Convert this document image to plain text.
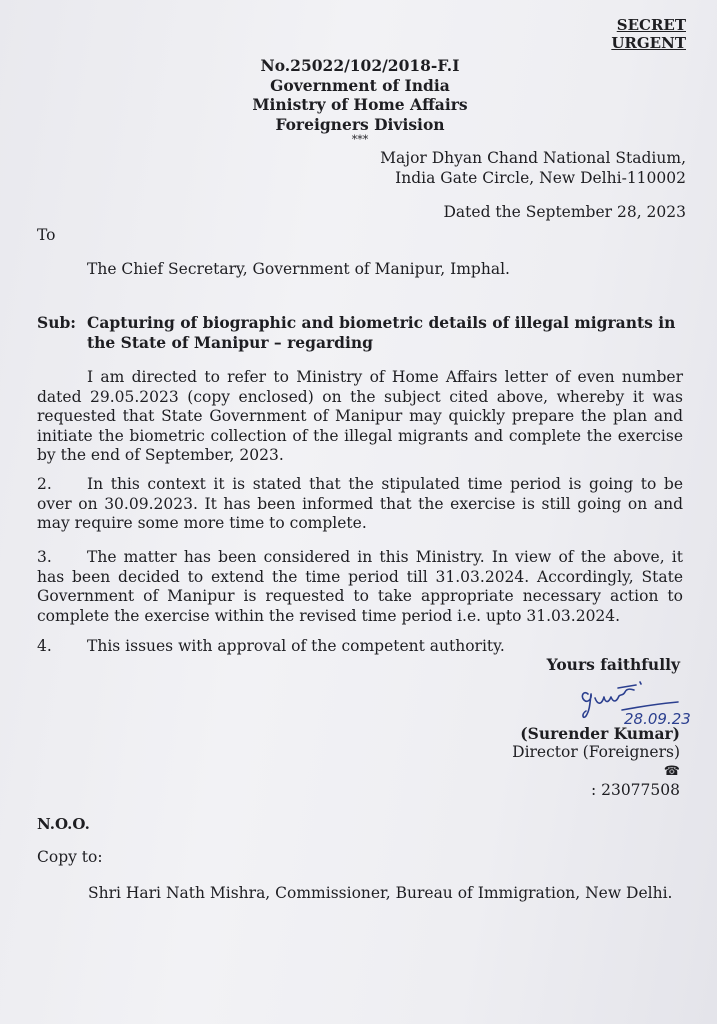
SECRET
URGENT
No.25022/102/2018-F.I
Government of India
Ministry of Home Affairs
Foreigners Division
***
Major Dhyan Chand National Stadium,
India Gate Circle, New Delhi-110002
Dated the September 28, 2023
To
The Chief Secretary, Government of Manipur, Imphal.
Sub: Capturing of biographic and biometric details of illegal migrants in the State of Manipur – regarding
I am directed to refer to Ministry of Home Affairs letter of even number dated 29.05.2023 (copy enclosed) on the subject cited above, whereby it was requested that State Government of Manipur may quickly prepare the plan and initiate the biometric collection of the illegal migrants and complete the exercise by the end of September, 2023.
2. In this context it is stated that the stipulated time period is going to be over on 30.09.2023. It has been informed that the exercise is still going on and may require some more time to complete.
3. The matter has been considered in this Ministry. In view of the above, it has been decided to extend the time period till 31.03.2024. Accordingly, State Government of Manipur is requested to take appropriate necessary action to complete the exercise within the revised time period i.e. upto 31.03.2024.
4. This issues with approval of the competent authority.
Yours faithfully
28.09.23
(Surender Kumar)
Director (Foreigners)
☎
: 23077508
N.O.O.
Copy to:
Shri Hari Nath Mishra, Commissioner, Bureau of Immigration, New Delhi.
